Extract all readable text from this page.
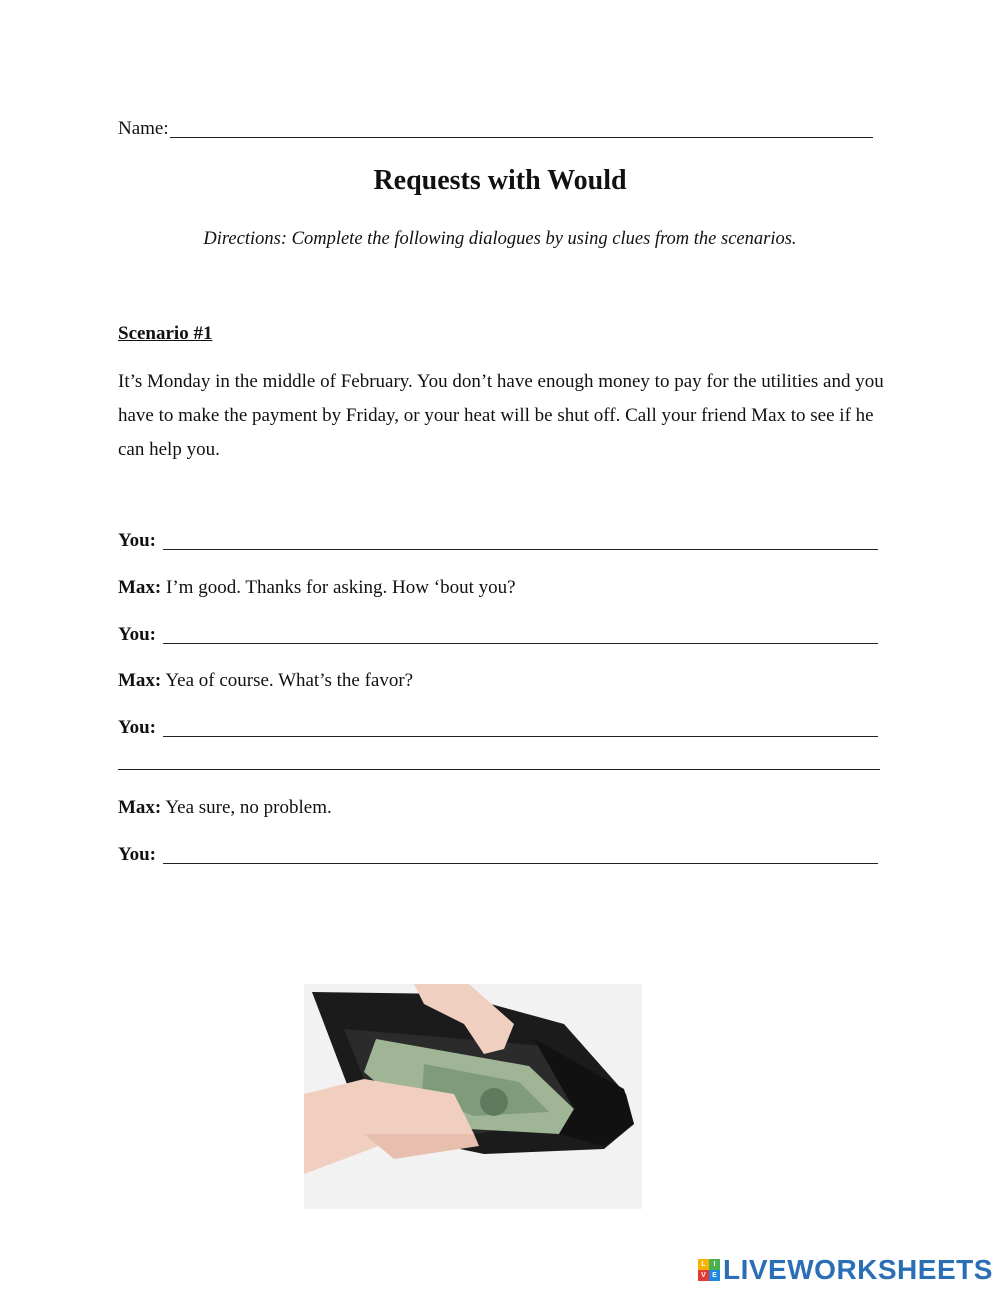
Name:
Requests with Would
Directions: Complete the following dialogues by using clues from the scenarios.
Scenario #1
It’s Monday in the middle of February. You don’t have enough money to pay for the utilities and you have to make the payment by Friday, or your heat will be shut off. Call your friend Max to see if he can help you.
You:
Max: I’m good. Thanks for asking. How ‘bout you?
You:
Max: Yea of course. What’s the favor?
You:
Max: Yea sure, no problem.
You:
L	I
V E LIVEWORKSHEETS
